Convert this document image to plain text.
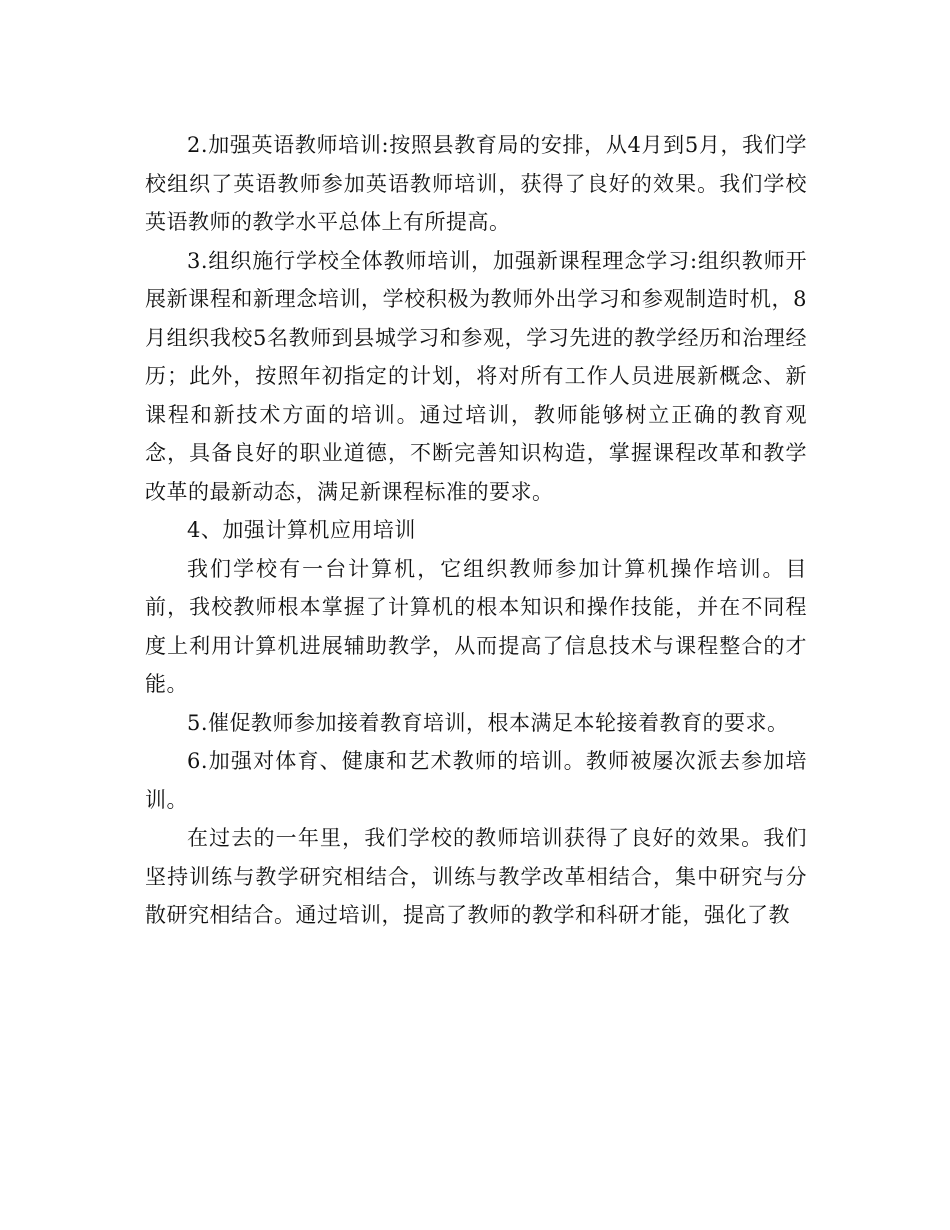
2.加强英语教师培训:按照县教育局的安排，从4月到5月，我们学校组织了英语教师参加英语教师培训，获得了良好的效果。我们学校英语教师的教学水平总体上有所提高。

3.组织施行学校全体教师培训，加强新课程理念学习:组织教师开展新课程和新理念培训，学校积极为教师外出学习和参观制造时机，8月组织我校5名教师到县城学习和参观，学习先进的教学经历和治理经历；此外，按照年初指定的计划，将对所有工作人员进展新概念、新课程和新技术方面的培训。通过培训，教师能够树立正确的教育观念，具备良好的职业道德，不断完善知识构造，掌握课程改革和教学改革的最新动态，满足新课程标准的要求。

4、加强计算机应用培训

我们学校有一台计算机，它组织教师参加计算机操作培训。目前，我校教师根本掌握了计算机的根本知识和操作技能，并在不同程度上利用计算机进展辅助教学，从而提高了信息技术与课程整合的才能。

5.催促教师参加接着教育培训，根本满足本轮接着教育的要求。

6.加强对体育、健康和艺术教师的培训。教师被屡次派去参加培训。

在过去的一年里，我们学校的教师培训获得了良好的效果。我们坚持训练与教学研究相结合，训练与教学改革相结合，集中研究与分散研究相结合。通过培训，提高了教师的教学和科研才能，强化了教
